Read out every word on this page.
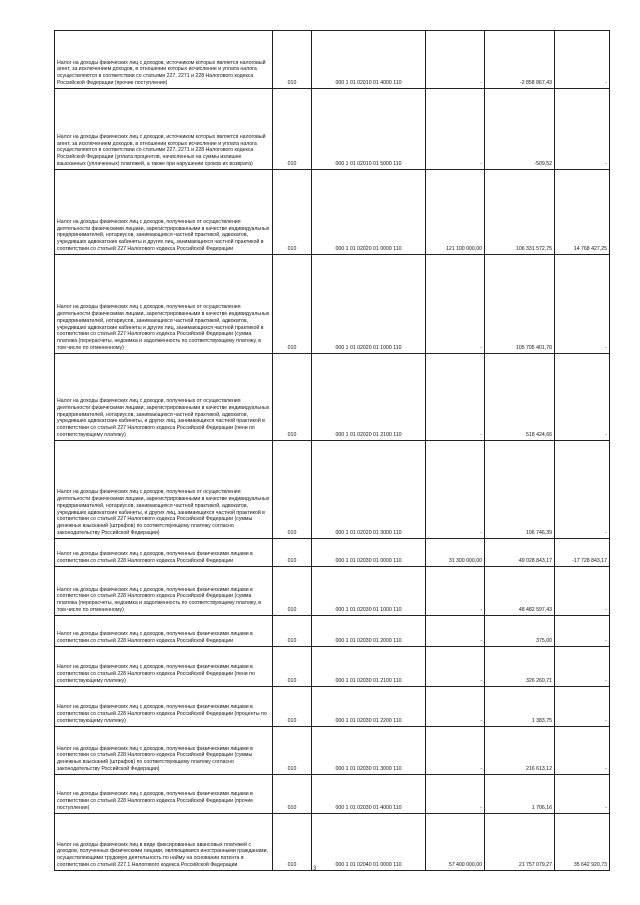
Налог на доходы физических лиц с доходов, источником которых является налоговый агент, за исключением доходов, в отношении которых исчисление и уплата налога осуществляются в соответствии со статьями 227, 2271 и 228 Налогового кодекса Российской Федерации (прочие поступления)	010	000 1 01 02010 01 4000 110	-	-2 858 867,43	-
Налог на доходы физических лиц с доходов, источником которых является налоговый агент, за исключением доходов, в отношении которых исчисление и уплата налога осуществляются в соответствии со статьями 227, 2271 и 228 Налогового кодекса Российской Федерации (уплата процентов, начисленных на суммы излишне взысканных (уплаченных) платежей, а также при нарушении сроков их возврата)	010	000 1 01 02010 01 5000 110	-	-509,52	-
Налог на доходы физических лиц с доходов, полученных от осуществления деятельности физическими лицами, зарегистрированными в качестве индивидуальных предпринимателей, нотариусов, занимающихся частной практикой, адвокатов, учредивших адвокатские кабинеты и других лиц, занимающихся частной практикой в соответствии со статьей 227 Налогового кодекса Российской Федерации	010	000 1 01 02020 01 0000 110	121 100 000,00	106 331 572,75	14 768 427,25
Налог на доходы физических лиц с доходов, полученных от осуществления деятельности физическими лицами, зарегистрированными в качестве индивидуальных предпринимателей, нотариусов, занимающихся частной практикой, адвокатов, учредивших адвокатские кабинеты и других лиц, занимающихся частной практикой в соответствии со статьей 227 Налогового кодекса Российской Федерации (сумма платежа (перерасчеты, недоимка и задолженность по соответствующему платежу, в том числе по отмененному)	010	000 1 01 02020 01 1000 110	-	105 705 401,70	-
Налог на доходы физических лиц с доходов, полученных от осуществления деятельности физическими лицами, зарегистрированными в качестве индивидуальных предпринимателей, нотариусов, занимающихся частной практикой, адвокатов, учредивших адвокатские кабинеты, и других лиц, занимающихся частной практикой в соответствии со статьей 227 Налогового кодекса Российской Федерации (пени по соответствующему платежу)	010	000 1 01 02020 01 2100 110	-	518 424,66	-
Налог на доходы физических лиц с доходов, полученных от осуществления деятельности физическими лицами, зарегистрированными в качестве индивидуальных предпринимателей, нотариусов, занимающихся частной практикой, адвокатов, учредивших адвокатские кабинеты, и других лиц, занимающихся частной практикой в соответствии со статьей 227 Налогового кодекса Российской Федерации (суммы денежных взысканий (штрафов) по соответствующему платежу согласно законодательству Российской Федерации)	010	000 1 01 02020 01 3000 110	-	106 746,39	-
Налог на доходы физических лиц с доходов, полученных физическими лицами в соответствии со статьей 228 Налогового кодекса Российской Федерации	010	000 1 01 02030 01 0000 110	31 300 000,00	49 028 843,17	-17 728 843,17
Налог на доходы физических лиц с доходов, полученных физическими лицами в соответствии со статьей 228 Налогового кодекса Российской Федерации (сумма платежа (перерасчеты, недоимка и задолженность по соответствующему платежу, в том числе по отмененному)	010	000 1 01 02030 01 1000 110	-	48 482 597,43	-
Налог на доходы физических лиц с доходов, полученных физическими лицами в соответствии со статьей 228 Налогового кодекса Российской Федерации	010	000 1 01 02030 01 2000 110	-	375,00	-
Налог на доходы физических лиц с доходов, полученных физическими лицами в соответствии со статьей 228 Налогового кодекса Российской Федерации (пени по соответствующему платежу)	010	000 1 01 02030 01 2100 110	-	326 260,71	-
Налог на доходы физических лиц с доходов, полученных физическими лицами в соответствии со статьей 228 Налогового кодекса Российской Федерации (проценты по соответствующему платежу)	010	000 1 01 02030 01 2200 110	-	1 383,75	-
Налог на доходы физических лиц с доходов, полученных физическими лицами в соответствии со статьей 228 Налогового кодекса Российской Федерации (суммы денежных взысканий (штрафов) по соответствующему платежу согласно законодательству Российской Федерации)	010	000 1 01 02030 01 3000 110	-	216 613,12	-
Налог на доходы физических лиц с доходов, полученных физическими лицами в соответствии со статьей 228 Налогового кодекса Российской Федерации (прочие поступления)	010	000 1 01 02030 01 4000 110	-	1 706,16	-
Налог на доходы физических лиц в виде фиксированных авансовых платежей с доходов, полученных физическими лицами, являющимися иностранными гражданами, осуществляющими трудовую деятельность по найму на основании патента в соответствии со статьей 227.1 Налогового кодекса Российской Федерации	010	000 1 01 02040 01 0000 110	57 400 000,00	21 757 079,27	35 642 920,73
3
